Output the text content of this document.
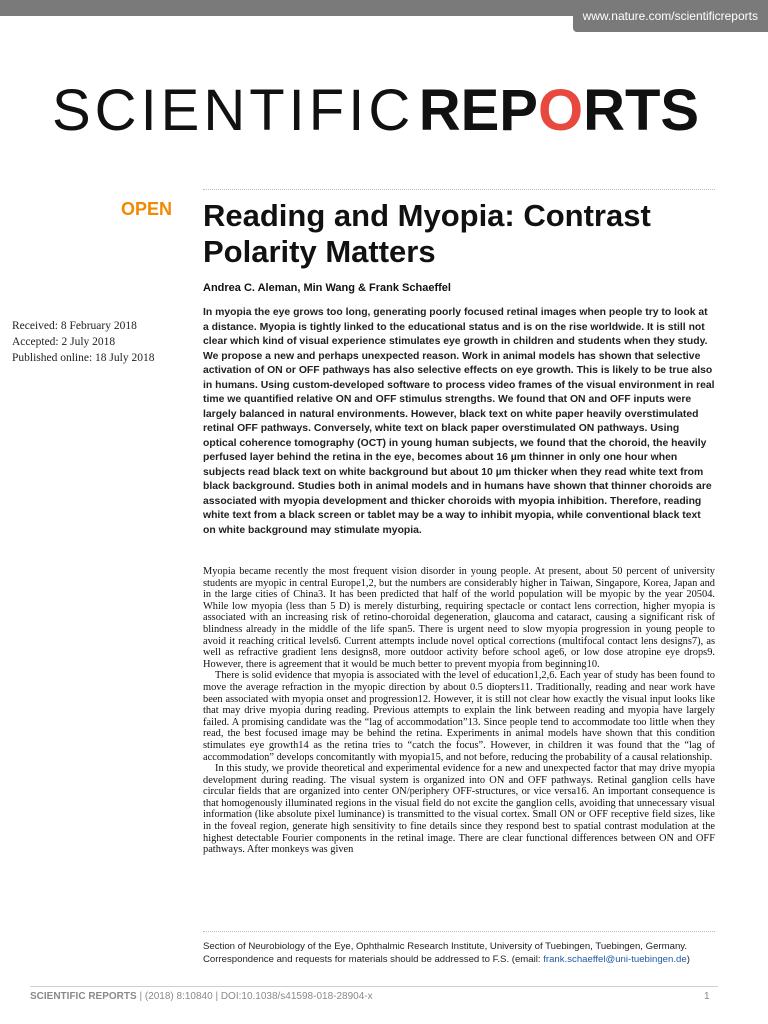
www.nature.com/scientificreports
SCIENTIFIC REPORTS
OPEN Reading and Myopia: Contrast Polarity Matters
Andrea C. Aleman, Min Wang & Frank Schaeffel
Received: 8 February 2018
Accepted: 2 July 2018
Published online: 18 July 2018
In myopia the eye grows too long, generating poorly focused retinal images when people try to look at a distance. Myopia is tightly linked to the educational status and is on the rise worldwide. It is still not clear which kind of visual experience stimulates eye growth in children and students when they study. We propose a new and perhaps unexpected reason. Work in animal models has shown that selective activation of ON or OFF pathways has also selective effects on eye growth. This is likely to be true also in humans. Using custom-developed software to process video frames of the visual environment in real time we quantified relative ON and OFF stimulus strengths. We found that ON and OFF inputs were largely balanced in natural environments. However, black text on white paper heavily overstimulated retinal OFF pathways. Conversely, white text on black paper overstimulated ON pathways. Using optical coherence tomography (OCT) in young human subjects, we found that the choroid, the heavily perfused layer behind the retina in the eye, becomes about 16 µm thinner in only one hour when subjects read black text on white background but about 10 µm thicker when they read white text from black background. Studies both in animal models and in humans have shown that thinner choroids are associated with myopia development and thicker choroids with myopia inhibition. Therefore, reading white text from a black screen or tablet may be a way to inhibit myopia, while conventional black text on white background may stimulate myopia.

Myopia became recently the most frequent vision disorder in young people. At present, about 50 percent of university students are myopic in central Europe1,2, but the numbers are considerably higher in Taiwan, Singapore, Korea, Japan and in the large cities of China3. It has been predicted that half of the world population will be myopic by the year 20504. While low myopia (less than 5 D) is merely disturbing, requiring spectacle or contact lens correction, higher myopia is associated with an increasing risk of retino-choroidal degeneration, glaucoma and cataract, causing a significant risk of blindness already in the middle of the life span5. There is urgent need to slow myopia progression in young people to avoid it reaching critical levels6. Current attempts include novel optical corrections (multifocal contact lens designs7), as well as refractive gradient lens designs8, more outdoor activity before school age6, or low dose atropine eye drops9. However, there is agreement that it would be much better to prevent myopia from beginning10.

There is solid evidence that myopia is associated with the level of education1,2,6. Each year of study has been found to move the average refraction in the myopic direction by about 0.5 diopters11. Traditionally, reading and near work have been associated with myopia onset and progression12. However, it is still not clear how exactly the visual input looks like that may drive myopia during reading. Previous attempts to explain the link between reading and myopia have largely failed. A promising candidate was the “lag of accommodation”13. Since people tend to accommodate too little when they read, the best focused image may be behind the retina. Experiments in animal models have shown that this condition stimulates eye growth14 as the retina tries to “catch the focus”. However, in children it was found that the “lag of accommodation” develops concomitantly with myopia15, and not before, reducing the probability of a causal relationship.

In this study, we provide theoretical and experimental evidence for a new and unexpected factor that may drive myopia development during reading. The visual system is organized into ON and OFF pathways. Retinal ganglion cells have circular fields that are organized into center ON/periphery OFF-structures, or vice versa16. An important consequence is that homogenously illuminated regions in the visual field do not excite the ganglion cells, avoiding that unnecessary visual information (like absolute pixel luminance) is transmitted to the visual cortex. Small ON or OFF receptive field sizes, like in the foveal region, generate high sensitivity to fine details since they respond best to spatial contrast modulation at the highest detectable Fourier components in the retinal image. There are clear functional differences between ON and OFF pathways. After monkeys was given

Section of Neurobiology of the Eye, Ophthalmic Research Institute, University of Tuebingen, Tuebingen, Germany.
Correspondence and requests for materials should be addressed to F.S. (email: frank.schaeffel@uni-tuebingen.de)
SCIENTIFIC REPORTS | (2018) 8:10840 | DOI:10.1038/s41598-018-28904-x	1
